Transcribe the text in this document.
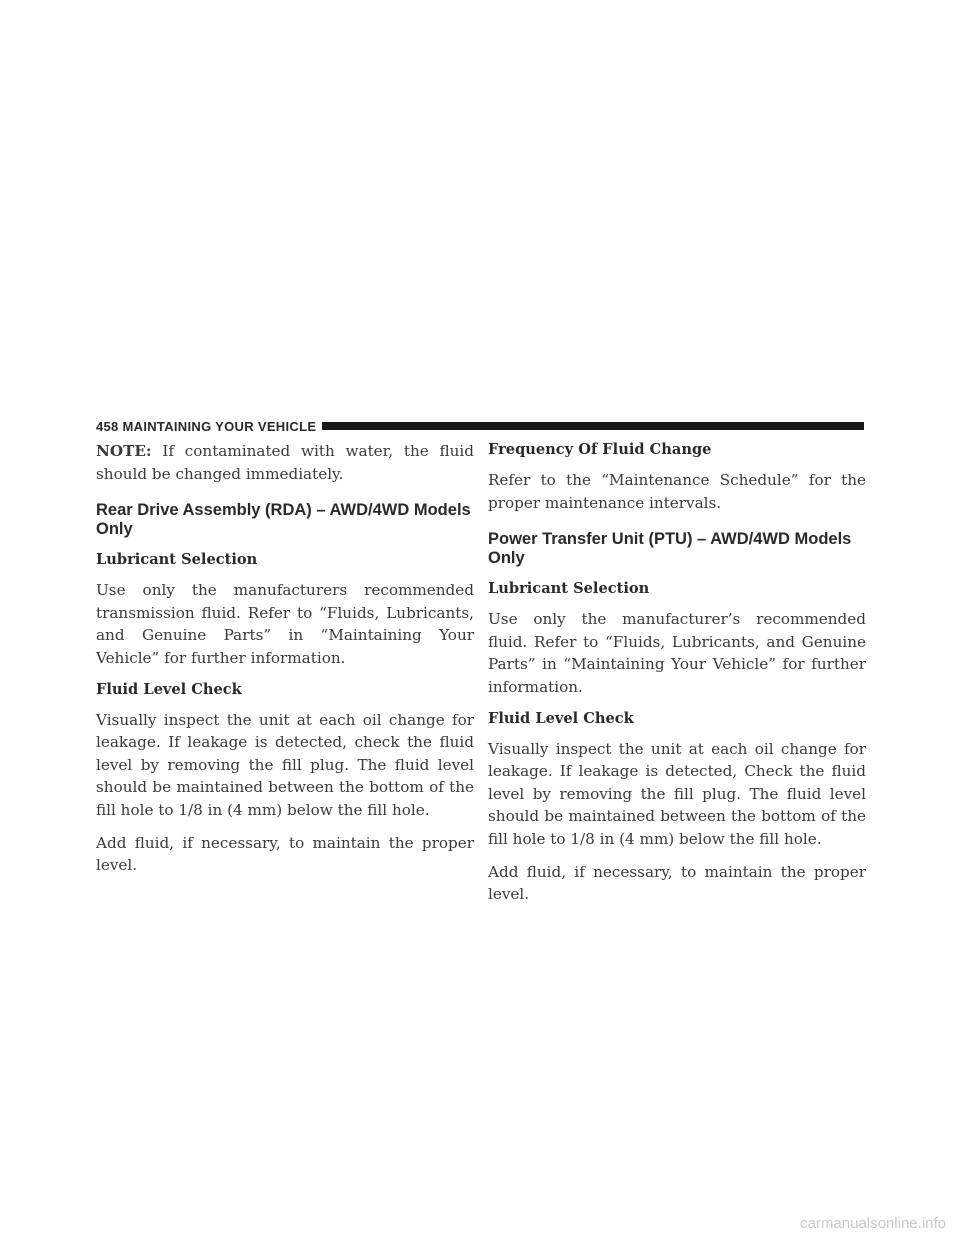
458 MAINTAINING YOUR VEHICLE

NOTE: If contaminated with water, the fluid should be changed immediately.

Rear Drive Assembly (RDA) – AWD/4WD Models Only
Lubricant Selection

Use only the manufacturers recommended transmission fluid. Refer to “Fluids, Lubricants, and Genuine Parts” in “Maintaining Your Vehicle” for further information.

Fluid Level Check

Visually inspect the unit at each oil change for leakage. If leakage is detected, check the fluid level by removing the fill plug. The fluid level should be maintained between the bottom of the fill hole to 1/8 in (4 mm) below the fill hole.

Add fluid, if necessary, to maintain the proper level.

Frequency Of Fluid Change

Refer to the “Maintenance Schedule” for the proper maintenance intervals.

Power Transfer Unit (PTU) – AWD/4WD Models Only
Lubricant Selection

Use only the manufacturer’s recommended fluid. Refer to “Fluids, Lubricants, and Genuine Parts” in “Maintaining Your Vehicle” for further information.

Fluid Level Check

Visually inspect the unit at each oil change for leakage. If leakage is detected, Check the fluid level by removing the fill plug. The fluid level should be maintained between the bottom of the fill hole to 1/8 in (4 mm) below the fill hole.

Add fluid, if necessary, to maintain the proper level.

carmanualsonline.info
